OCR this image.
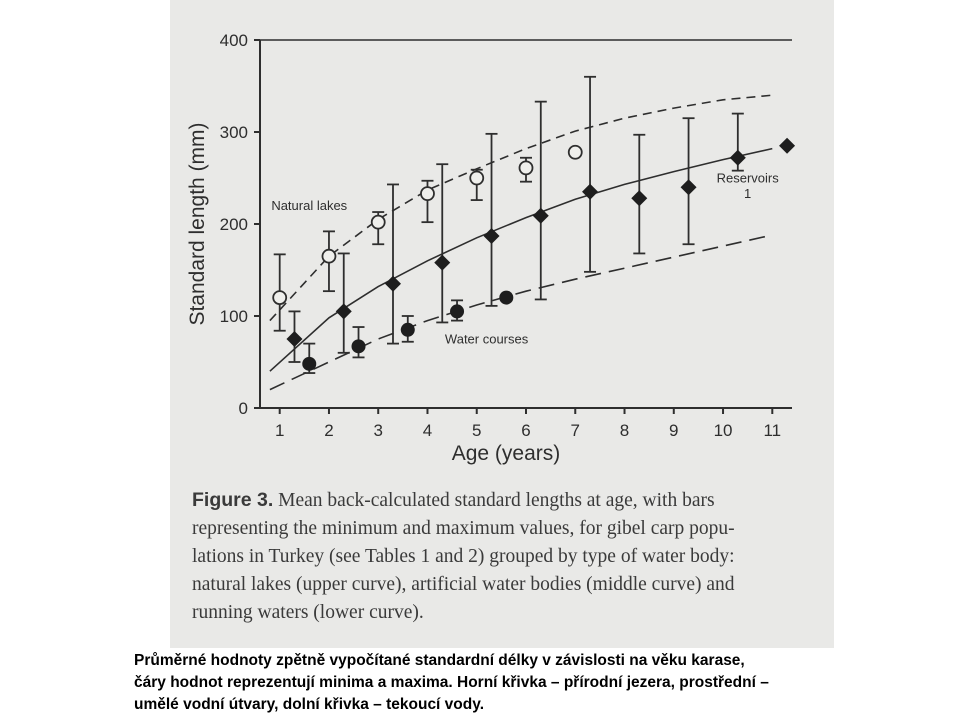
0
100
200
300
400
1 2 3 4 5 6 7 8 9 10 11
Age (years)
Standard length (mm)	Natural lakes
Reservoirs
1
Water courses

Figure 3. Mean back-calculated standard lengths at age, with bars
representing the minimum and maximum values, for gibel carp popu-
lations in Turkey (see Tables 1 and 2) grouped by type of water body:
natural lakes (upper curve), artificial water bodies (middle curve) and
running waters (lower curve).

Průměrné hodnoty zpětně vypočítané standardní délky v závislosti na věku karase,
čáry hodnot reprezentují minima a maxima. Horní křivka – přírodní jezera, prostřední –
umělé vodní útvary, dolní křivka – tekoucí vody.
